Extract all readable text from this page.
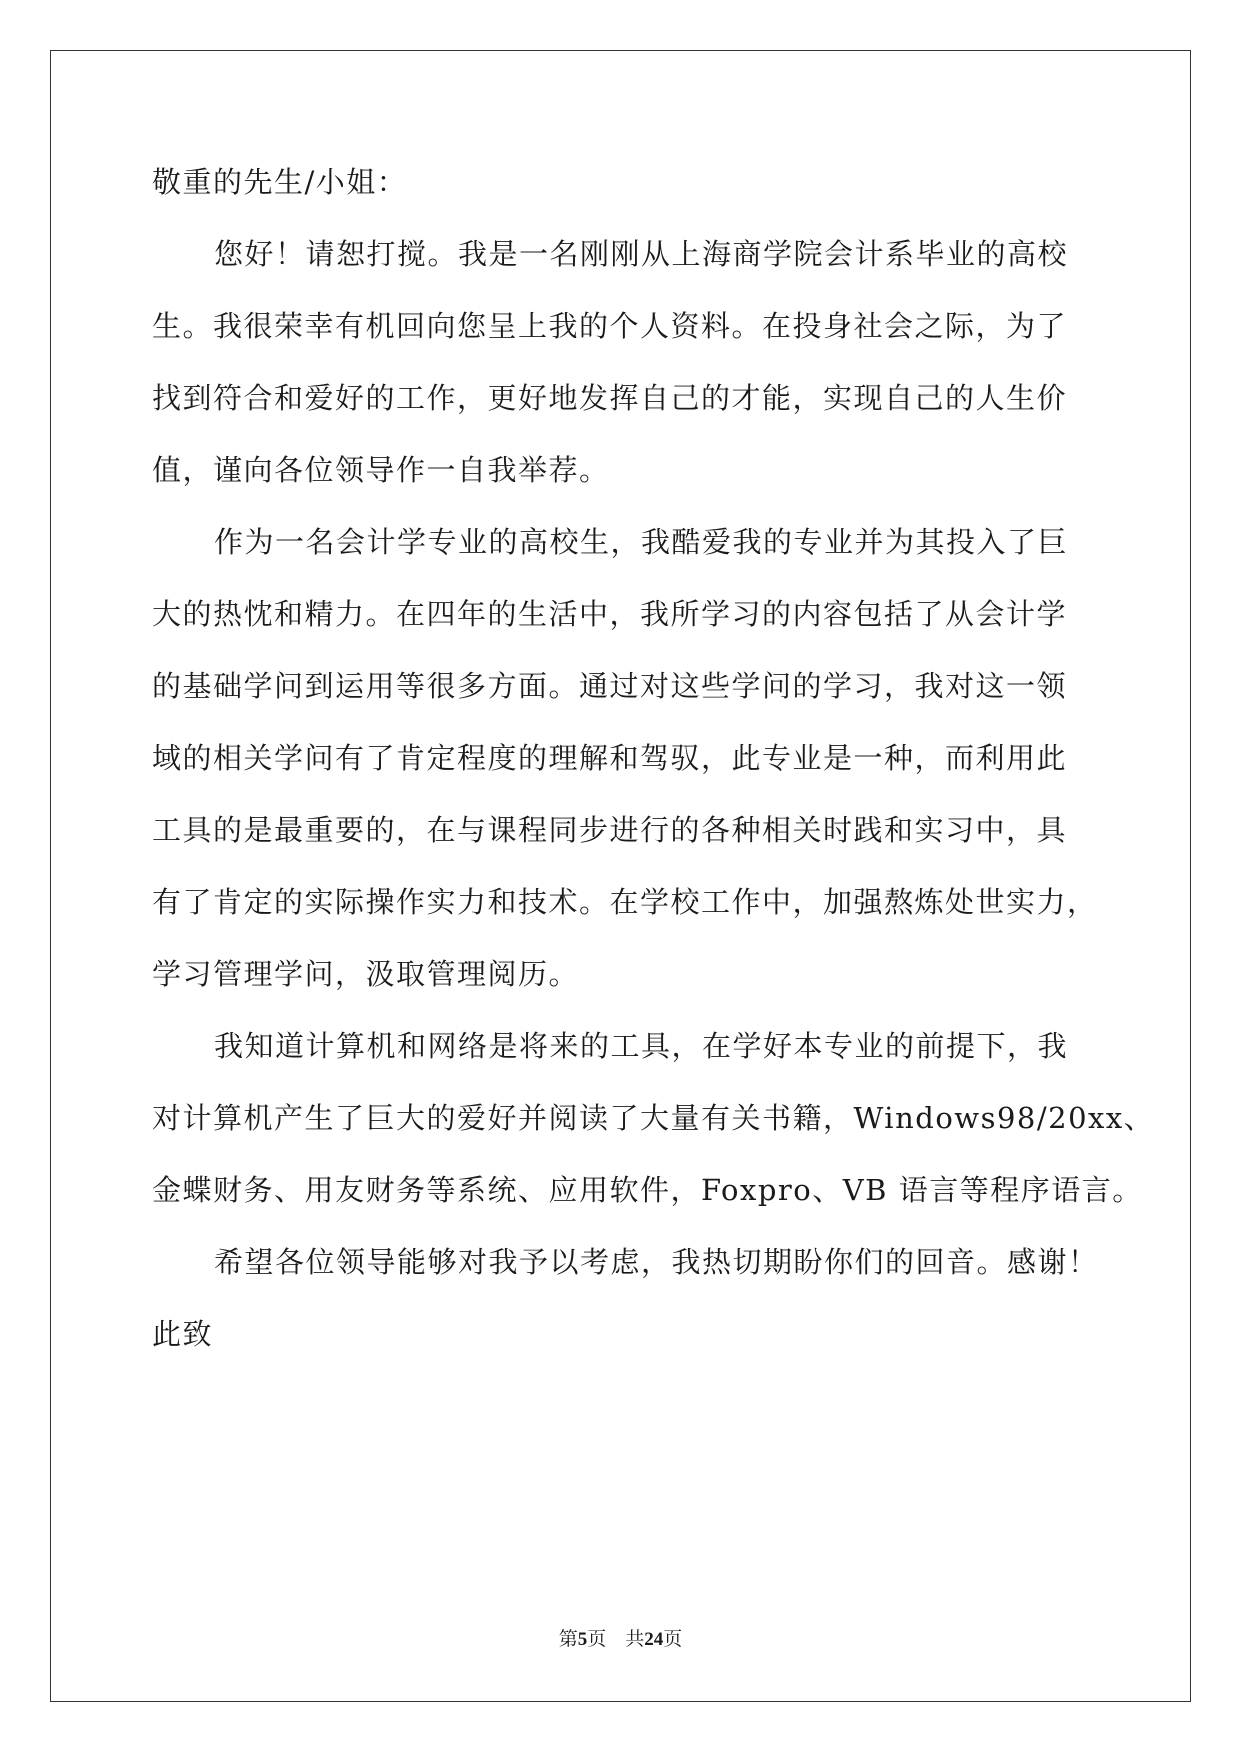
敬重的先生/小姐：
您好！请恕打搅。我是一名刚刚从上海商学院会计系毕业的高校
生。我很荣幸有机回向您呈上我的个人资料。在投身社会之际，为了
找到符合和爱好的工作，更好地发挥自己的才能，实现自己的人生价
值，谨向各位领导作一自我举荐。
作为一名会计学专业的高校生，我酷爱我的专业并为其投入了巨
大的热忱和精力。在四年的生活中，我所学习的内容包括了从会计学
的基础学问到运用等很多方面。通过对这些学问的学习，我对这一领
域的相关学问有了肯定程度的理解和驾驭，此专业是一种，而利用此
工具的是最重要的，在与课程同步进行的各种相关时践和实习中，具
有了肯定的实际操作实力和技术。在学校工作中，加强熬炼处世实力，
学习管理学问，汲取管理阅历。
我知道计算机和网络是将来的工具，在学好本专业的前提下，我
对计算机产生了巨大的爱好并阅读了大量有关书籍，Windows98/20xx、
金蝶财务、用友财务等系统、应用软件，Foxpro、VB 语言等程序语言。
希望各位领导能够对我予以考虑，我热切期盼你们的回音。感谢！
此致
第5页 共24页
